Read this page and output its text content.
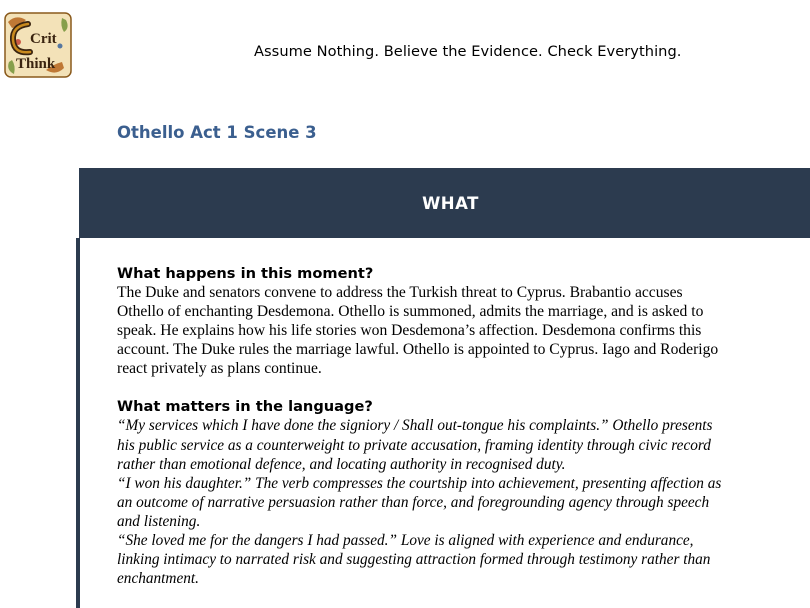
Crit
Think
Assume Nothing. Believe the Evidence. Check Everything.
Othello Act 1 Scene 3
WHAT

What happens in this moment?

The Duke and senators convene to address the Turkish threat to Cyprus. Brabantio accuses

Othello of enchanting Desdemona. Othello is summoned, admits the marriage, and is asked to

speak. He explains how his life stories won Desdemona’s affection. Desdemona confirms this

account. The Duke rules the marriage lawful. Othello is appointed to Cyprus. Iago and Roderigo

react privately as plans continue.

What matters in the language?

“My services which I have done the signiory / Shall out-tongue his complaints.” Othello presents

his public service as a counterweight to private accusation, framing identity through civic record

rather than emotional defence, and locating authority in recognised duty.

“I won his daughter.” The verb compresses the courtship into achievement, presenting affection as

an outcome of narrative persuasion rather than force, and foregrounding agency through speech

and listening.

“She loved me for the dangers I had passed.” Love is aligned with experience and endurance,

linking intimacy to narrated risk and suggesting attraction formed through testimony rather than

enchantment.
